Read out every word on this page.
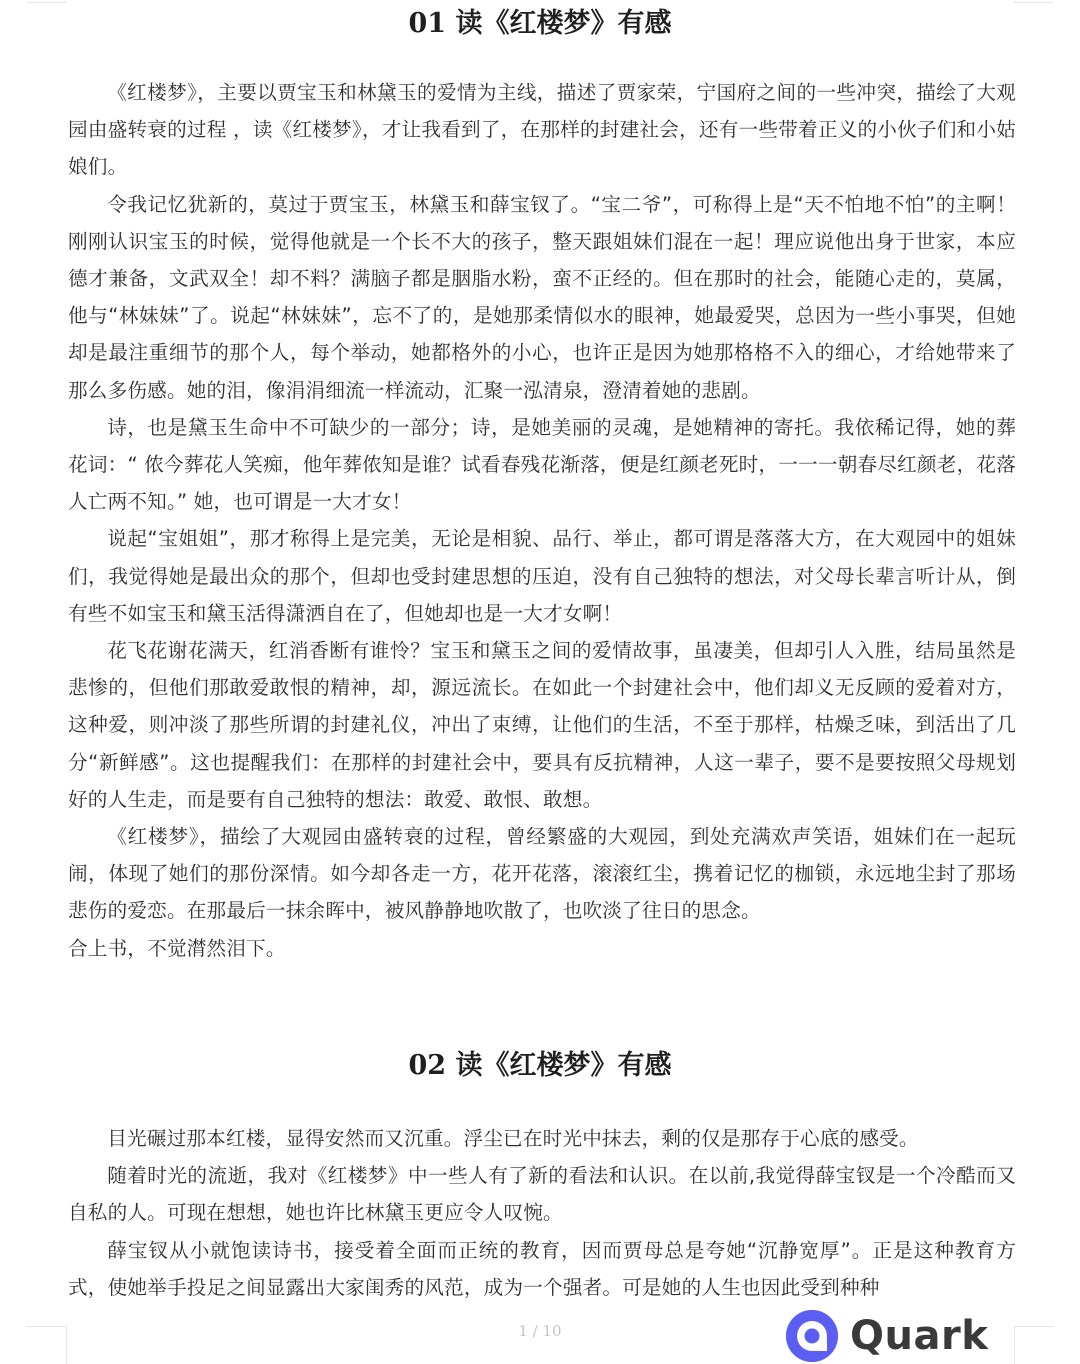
01 读《红楼梦》有感

《红楼梦》，主要以贾宝玉和林黛玉的爱情为主线，描述了贾家荣，宁国府之间的一些冲突，描绘了大观园由盛转衰的过程 ，读《红楼梦》，才让我看到了，在那样的封建社会，还有一些带着正义的小伙子们和小姑娘们。

令我记忆犹新的，莫过于贾宝玉，林黛玉和薛宝钗了。“宝二爷”，可称得上是“天不怕地不怕”的主啊！刚刚认识宝玉的时候，觉得他就是一个长不大的孩子，整天跟姐妹们混在一起！理应说他出身于世家，本应德才兼备，文武双全！却不料？满脑子都是胭脂水粉，蛮不正经的。但在那时的社会，能随心走的，莫属，他与“林妹妹”了。说起“林妹妹”，忘不了的，是她那柔情似水的眼神，她最爱哭，总因为一些小事哭，但她却是最注重细节的那个人，每个举动，她都格外的小心，也许正是因为她那格格不入的细心，才给她带来了那么多伤感。她的泪，像涓涓细流一样流动，汇聚一泓清泉，澄清着她的悲剧。

诗，也是黛玉生命中不可缺少的一部分；诗，是她美丽的灵魂，是她精神的寄托。我依稀记得，她的葬花词：“ 侬今葬花人笑痴，他年葬侬知是谁？试看春残花渐落，便是红颜老死时，一一一朝春尽红颜老，花落人亡两不知。” 她，也可谓是一大才女！

说起“宝姐姐”，那才称得上是完美，无论是相貌、品行、举止，都可谓是落落大方，在大观园中的姐妹们，我觉得她是最出众的那个，但却也受封建思想的压迫，没有自己独特的想法，对父母长辈言听计从，倒有些不如宝玉和黛玉活得潇洒自在了，但她却也是一大才女啊！

花飞花谢花满天，红消香断有谁怜？宝玉和黛玉之间的爱情故事，虽凄美，但却引人入胜，结局虽然是悲惨的，但他们那敢爱敢恨的精神，却，源远流长。在如此一个封建社会中，他们却义无反顾的爱着对方，这种爱，则冲淡了那些所谓的封建礼仪，冲出了束缚，让他们的生活，不至于那样，枯燥乏味，到活出了几分“新鲜感”。这也提醒我们：在那样的封建社会中，要具有反抗精神，人这一辈子，要不是要按照父母规划好的人生走，而是要有自己独特的想法：敢爱、敢恨、敢想。

《红楼梦》，描绘了大观园由盛转衰的过程，曾经繁盛的大观园，到处充满欢声笑语，姐妹们在一起玩闹，体现了她们的那份深情。如今却各走一方，花开花落，滚滚红尘，携着记忆的枷锁，永远地尘封了那场悲伤的爱恋。在那最后一抹余晖中，被风静静地吹散了，也吹淡了往日的思念。

合上书，不觉潸然泪下。

02 读《红楼梦》有感

目光碾过那本红楼，显得安然而又沉重。浮尘已在时光中抹去，剩的仅是那存于心底的感受。

随着时光的流逝，我对《红楼梦》中一些人有了新的看法和认识。在以前,我觉得薛宝钗是一个冷酷而又自私的人。可现在想想，她也许比林黛玉更应令人叹惋。

薛宝钗从小就饱读诗书，接受着全面而正统的教育，因而贾母总是夸她“沉静宽厚”。正是这种教育方式，使她举手投足之间显露出大家闺秀的风范，成为一个强者。可是她的人生也因此受到种种

1 / 10	Quark
